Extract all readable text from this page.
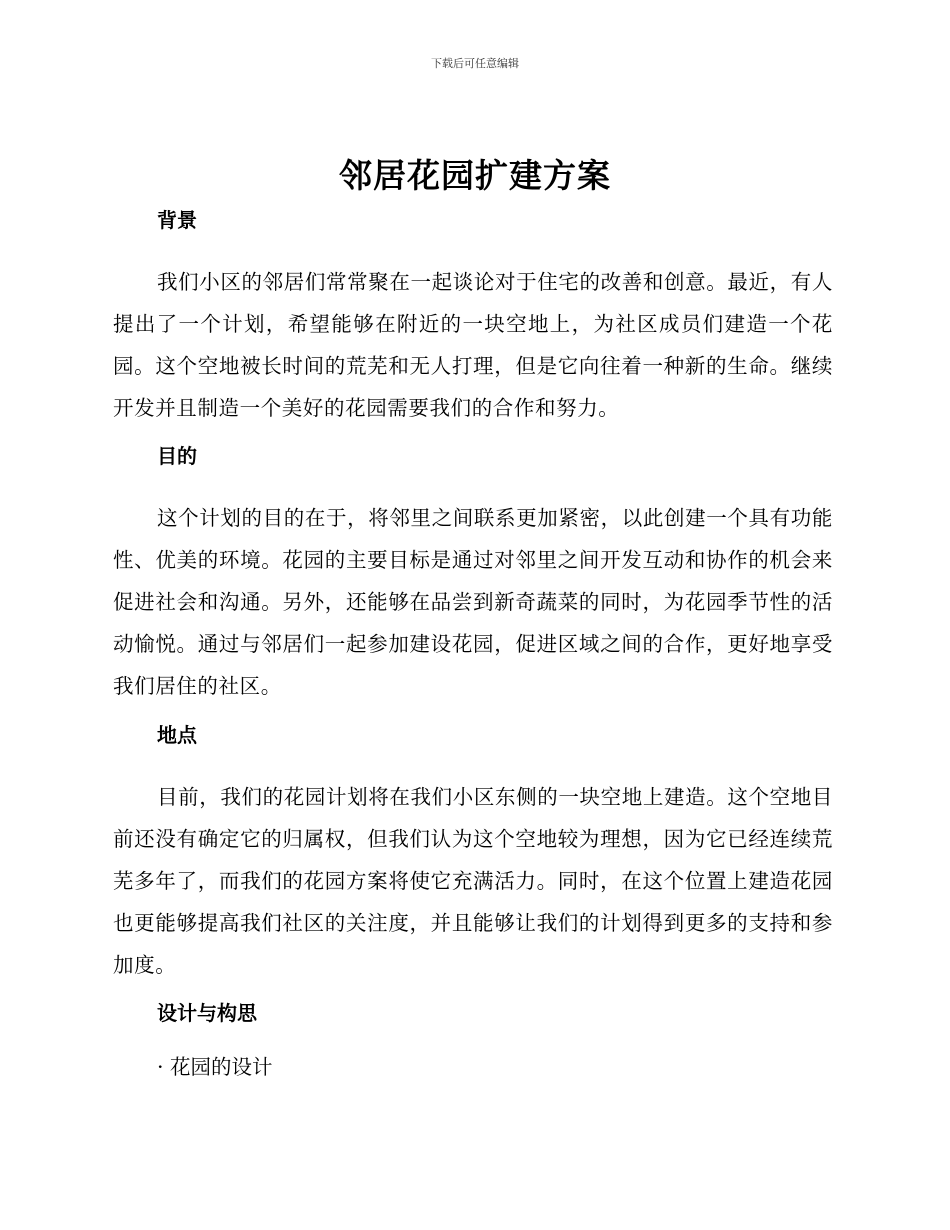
下载后可任意编辑
邻居花园扩建方案
背景

我们小区的邻居们常常聚在一起谈论对于住宅的改善和创意。最近，有人提出了一个计划，希望能够在附近的一块空地上，为社区成员们建造一个花园。这个空地被长时间的荒芜和无人打理，但是它向往着一种新的生命。继续开发并且制造一个美好的花园需要我们的合作和努力。

目的

这个计划的目的在于，将邻里之间联系更加紧密，以此创建一个具有功能性、优美的环境。花园的主要目标是通过对邻里之间开发互动和协作的机会来促进社会和沟通。另外，还能够在品尝到新奇蔬菜的同时，为花园季节性的活动愉悦。通过与邻居们一起参加建设花园，促进区域之间的合作，更好地享受我们居住的社区。

地点

目前，我们的花园计划将在我们小区东侧的一块空地上建造。这个空地目前还没有确定它的归属权，但我们认为这个空地较为理想，因为它已经连续荒芜多年了，而我们的花园方案将使它充满活力。同时，在这个位置上建造花园也更能够提高我们社区的关注度，并且能够让我们的计划得到更多的支持和参加度。

设计与构思
· 花园的设计
